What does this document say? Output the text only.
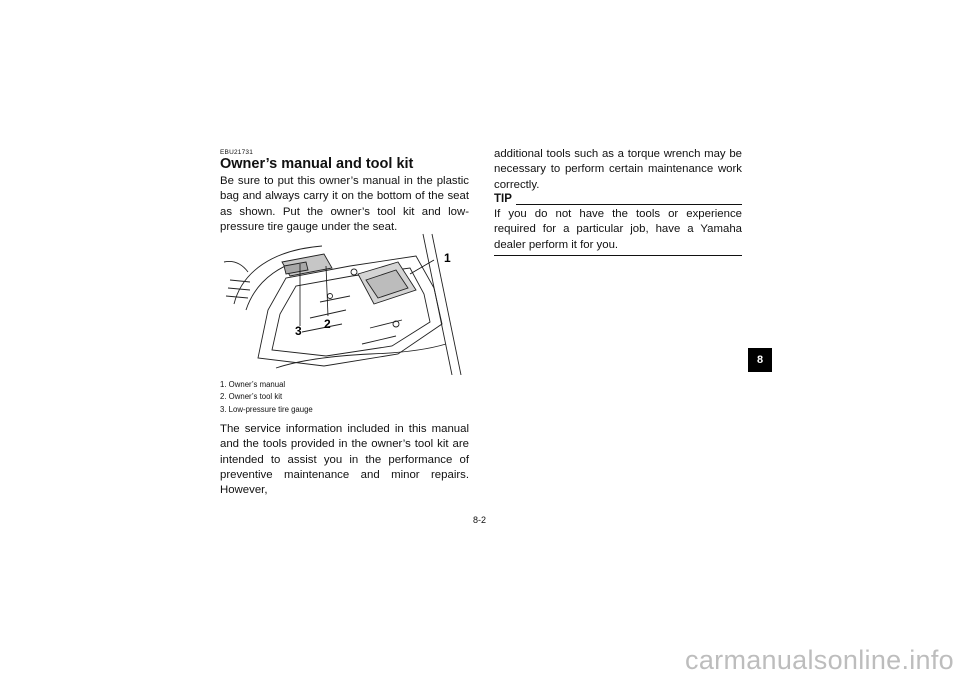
EBU21731
Owner’s manual and tool kit

Be sure to put this owner’s manual in the plastic bag and always carry it on the bottom of the seat as shown. Put the owner’s tool kit and low-pressure tire gauge under the seat.

1
2
3
1. Owner’s manual
2. Owner’s tool kit
3. Low-pressure tire gauge

The service information included in this manual and the tools provided in the owner’s tool kit are intended to assist you in the performance of preventive maintenance and minor repairs. However,

additional tools such as a torque wrench may be necessary to perform certain maintenance work correctly.

TIP

If you do not have the tools or experience required for a particular job, have a Yamaha dealer perform it for you.

8
8-2
carmanualsonline.info
